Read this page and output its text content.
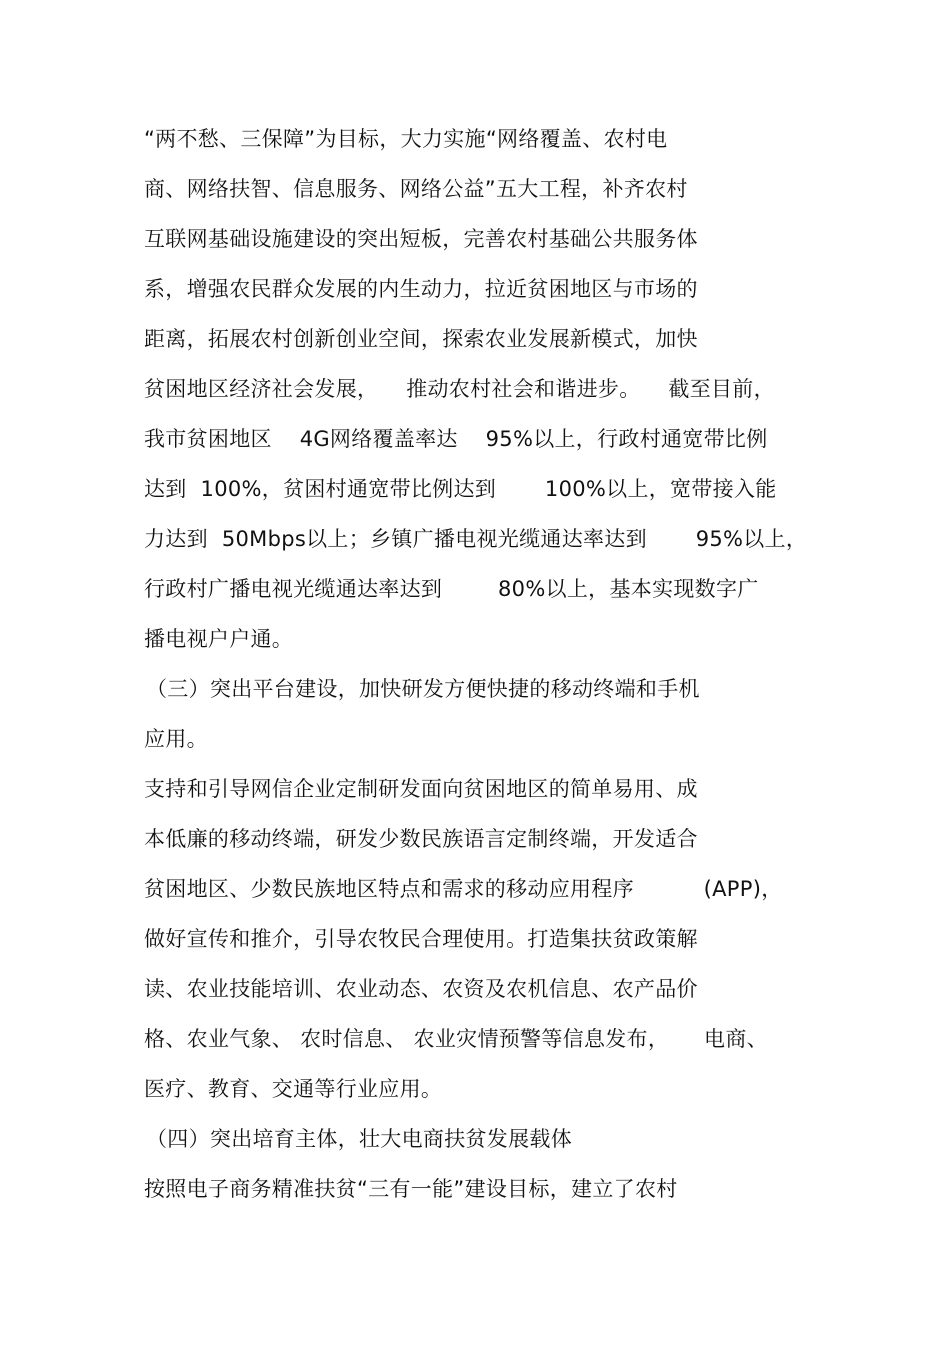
“两不愁、三保障”为目标，大力实施“网络覆盖、农村电

商、网络扶智、信息服务、网络公益”五大工程，补齐农村

互联网基础设施建设的突出短板，完善农村基础公共服务体

系，增强农民群众发展的内生动力，拉近贫困地区与市场的

距离，拓展农村创新创业空间，探索农业发展新模式，加快

贫困地区经济社会发展，    推动农村社会和谐进步。    截至目前，

我市贫困地区    4G网络覆盖率达    95%以上，行政村通宽带比例

达到  100%，贫困村通宽带比例达到       100%以上，宽带接入能

力达到  50Mbps以上；乡镇广播电视光缆通达率达到       95%以上，

行政村广播电视光缆通达率达到        80%以上，基本实现数字广

播电视户户通。

（三）突出平台建设，加快研发方便快捷的移动终端和手机

应用。

支持和引导网信企业定制研发面向贫困地区的简单易用、成

本低廉的移动终端，研发少数民族语言定制终端，开发适合

贫困地区、少数民族地区特点和需求的移动应用程序          (APP)，

做好宣传和推介，引导农牧民合理使用。打造集扶贫政策解

读、农业技能培训、农业动态、农资及农机信息、农产品价

格、农业气象、 农时信息、 农业灾情预警等信息发布，     电商、

医疗、教育、交通等行业应用。

（四）突出培育主体，壮大电商扶贫发展载体

按照电子商务精准扶贫“三有一能”建设目标，建立了农村
